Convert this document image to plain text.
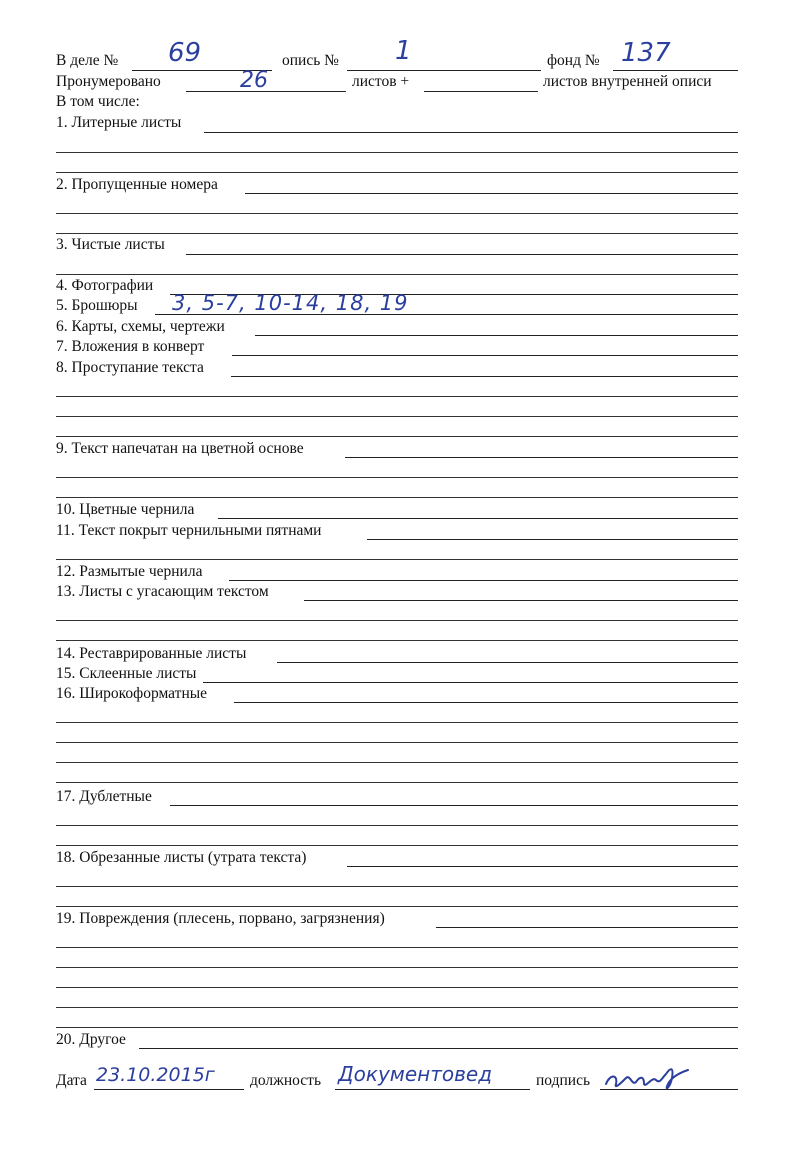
В деле № 69	опись № 1	фонд № 137
Пронумеровано	26	листов +	листов внутренней описи
В том числе:
1. Литерные листы
2. Пропущенные номера
3. Чистые листы
4. Фотографии
5. Брошюры 3, 5-7, 10-14, 18, 19
6. Карты, схемы, чертежи
7. Вложения в конверт
8. Проступание текста
9. Текст напечатан на цветной основе
10. Цветные чернила
11. Текст покрыт чернильными пятнами
12. Размытые чернила
13. Листы с угасающим текстом
14. Реставрированные листы
15. Склеенные листы
16. Широкоформатные
17. Дублетные
18. Обрезанные листы (утрата текста)
19. Повреждения (плесень, порвано, загрязнения)
20. Другое
Дата 23.10.2015г должность Документовед	подпись
